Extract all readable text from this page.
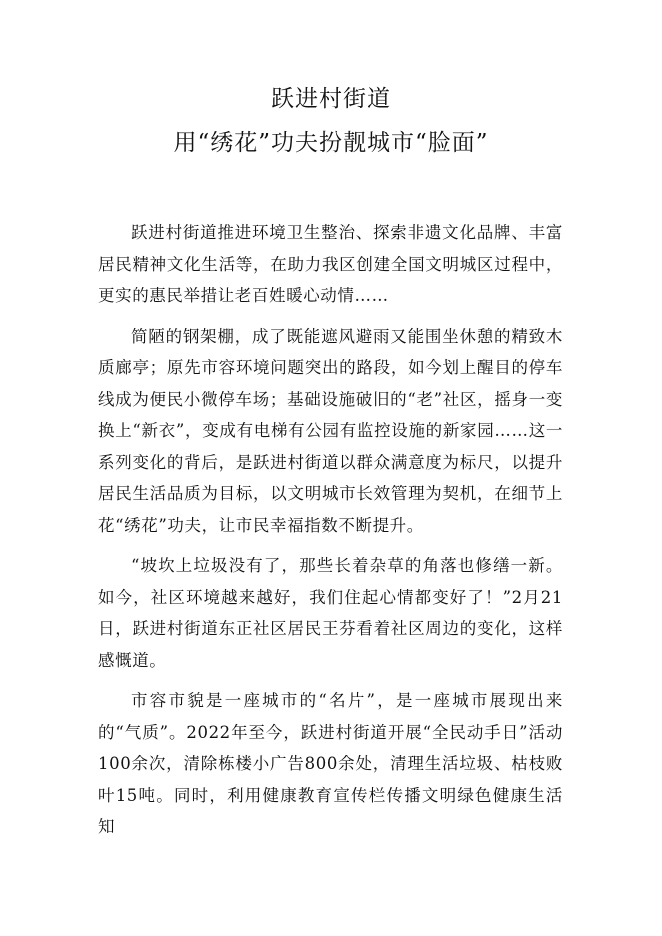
跃进村街道
用“绣花”功夫扮靓城市“脸面”

跃进村街道推进环境卫生整治、探索非遗文化品牌、丰富居民精神文化生活等，在助力我区创建全国文明城区过程中，更实的惠民举措让老百姓暖心动情……

简陋的钢架棚，成了既能遮风避雨又能围坐休憩的精致木质廊亭；原先市容环境问题突出的路段，如今划上醒目的停车线成为便民小微停车场；基础设施破旧的“老”社区，摇身一变换上“新衣”，变成有电梯有公园有监控设施的新家园……这一系列变化的背后，是跃进村街道以群众满意度为标尺，以提升居民生活品质为目标，以文明城市长效管理为契机，在细节上花“绣花”功夫，让市民幸福指数不断提升。

“坡坎上垃圾没有了，那些长着杂草的角落也修缮一新。如今，社区环境越来越好，我们住起心情都变好了！”2月21日，跃进村街道东正社区居民王芬看着社区周边的变化，这样感慨道。

市容市貌是一座城市的“名片”，是一座城市展现出来的“气质”。2022年至今，跃进村街道开展“全民动手日”活动100余次，清除栋楼小广告800余处，清理生活垃圾、枯枝败叶15吨。同时，利用健康教育宣传栏传播文明绿色健康生活知
